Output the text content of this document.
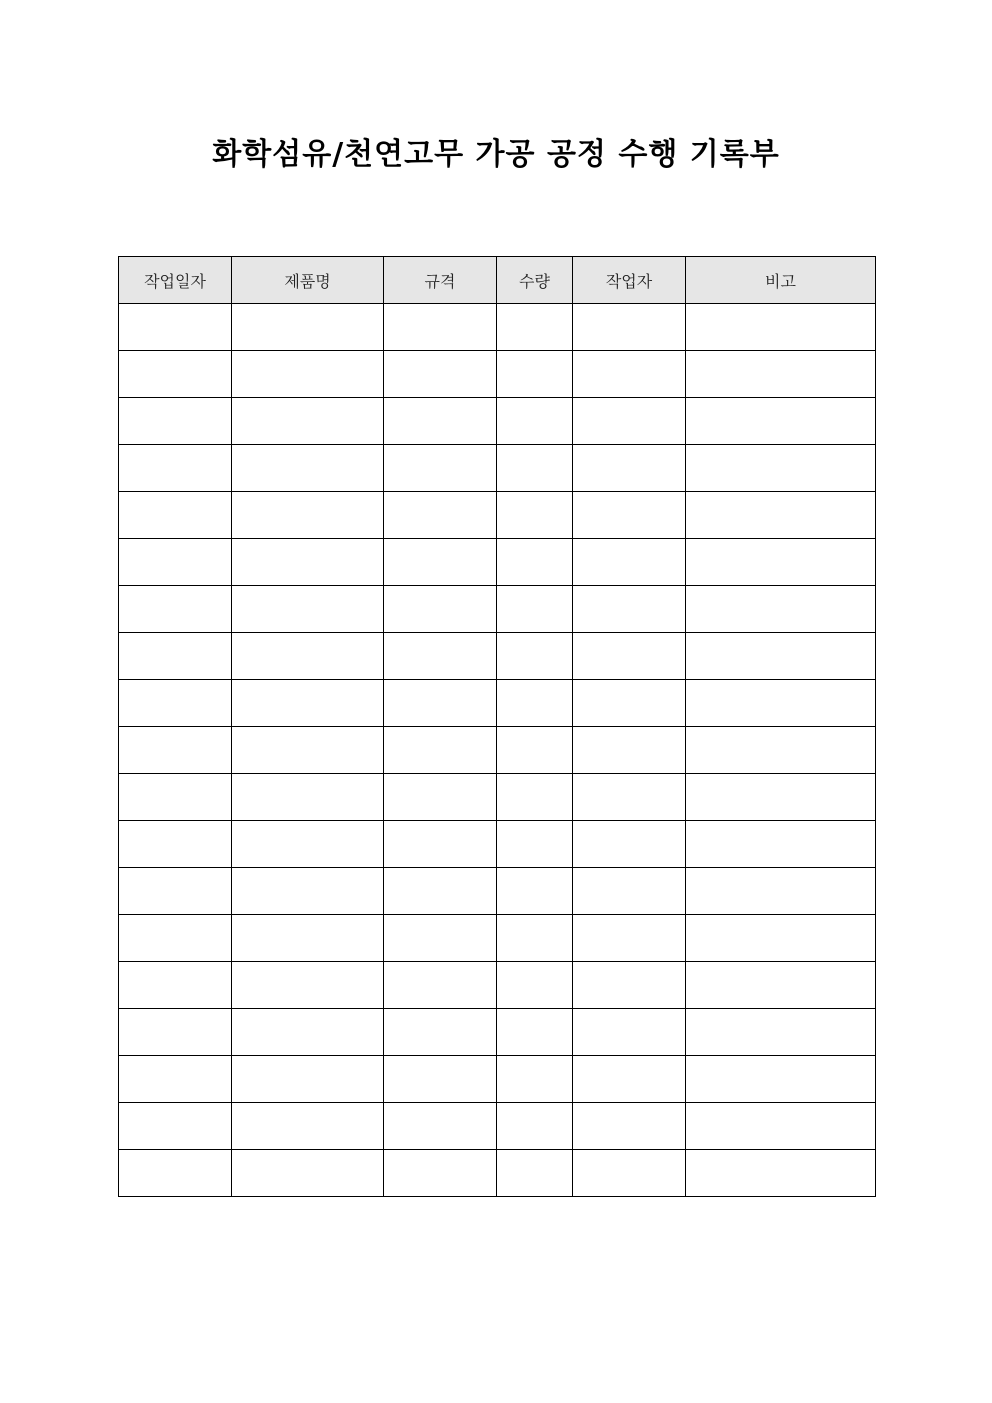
화학섬유/천연고무 가공 공정 수행 기록부
작업일자	제품명	규격	수량	작업자	비고
